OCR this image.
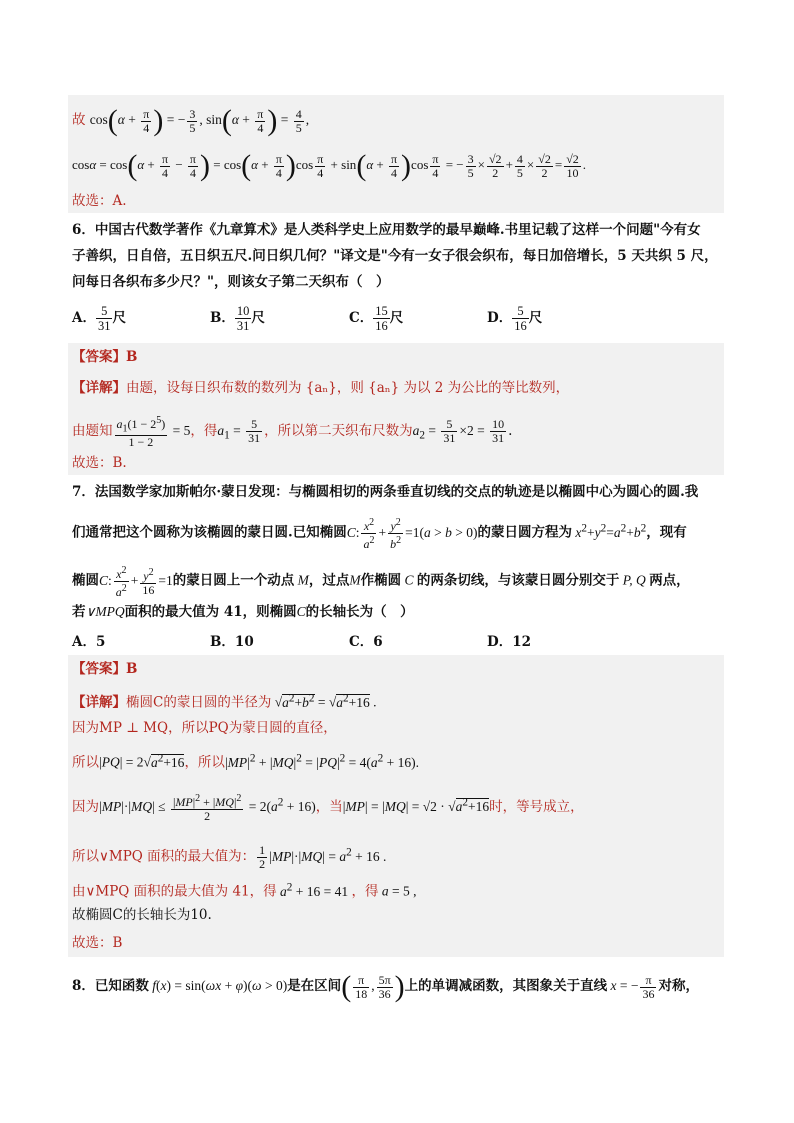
故 $\cos(\alpha + \frac{\pi}{4}$ ) = − $\frac{3}{5}$ , $\sin(\alpha + \frac{\pi}{4}$ ) = $\frac{4}{5}$ ,
$\cos\alpha = \cos(\alpha + \frac{\pi}{4} - \frac{\pi}{4}$ ) = $\cos(\alpha + \frac{\pi}{4} )\cos \frac{\pi}{4} + \sin(\alpha + \frac{\pi}{4} )\cos \frac{\pi}{4}$ = − $\frac{3}{5} \times \frac{√2}{2} + \frac{4}{5} \times \frac{√2}{2} = \frac{√2}{10}$ .
故选：A.
6．中国古代数学著作《九章算术》是人类科学史上应用数学的最早巅峰.书里记载了这样一个问题"今有女
子善织，日自倍，五日织五尺.问日织几何？"译文是"今有一女子很会织布，每日加倍增长，5 天共织 5 尺，
问每日各织布多少尺？"，则该女子第二天织布（　）
A． $\frac{5}{31}$ 尺	B． $\frac{10}{31}$ 尺	C． $\frac{15}{16}$ 尺	D． $\frac{5}{16}$ 尺
【答案】B
【详解】由题，设每日织布数的数列为 {aₙ}，则 {aₙ} 为以 2 为公比的等比数列，
由题知 $\frac{a_1(1 - 2^5)}{1 - 2} = 5$，得$a_1 = \frac{5}{31}$ ，所以第二天织布尺数为$a_2 = \frac{5}{31} \times 2 = \frac{10}{31}$ .
故选：B.
7．法国数学家加斯帕尔·蒙日发现：与椭圆相切的两条垂直切线的交点的轨迹是以椭圆中心为圆心的圆.我
们通常把这个圆称为该椭圆的蒙日圆.已知椭圆C: $\frac{x^2}{a^2} + \frac{y^2}{b^2} =1(a > b > 0)$的蒙日圆方程为 $x^2+y^2=a^2+b^2$，现有
椭圆C: $\frac{x^2}{a^2} + \frac{y^2}{16} =1$的蒙日圆上一个动点 M，过点M作椭圆 C 的两条切线，与该蒙日圆分别交于 P, Q 两点，
若∨MPQ面积的最大值为 41，则椭圆C的长轴长为（　）
A．5	B．10	C．6	D．12
【答案】B
【详解】椭圆C的蒙日圆的半径为 $√a^2+b^2 = √a^2+16$ .
因为MP ⊥ MQ，所以PQ为蒙日圆的直径，
所以$|PQ| = 2√a^2+16$，所以$|MP|^2 + |MQ|^2 = |PQ|^2 = 4(a^2 + 16)$.
因为$|MP|\cdot|MQ| \le \frac{|MP|^2 + |MQ|^2}{2} = 2(a^2 + 16)$，当$|MP| = |MQ| = √2 \cdot √a^2+16$时，等号成立，
所以∨MPQ 面积的最大值为： $\frac{1}{2} |MP|\cdot|MQ| = a^2 + 16$ .
由∨MPQ 面积的最大值为 41，得 $a^2 + 16 = 41$ ，得 a = 5 ,
故椭圆C的长轴长为10.
故选：B
8．已知函数 f(x) = sin(ωx + φ)(ω > 0)是在区间( $\frac{\pi}{18}$ , $\frac{5\pi}{36}$ )上的单调减函数，其图象关于直线 x = − $\frac{\pi}{36}$ 对称，
